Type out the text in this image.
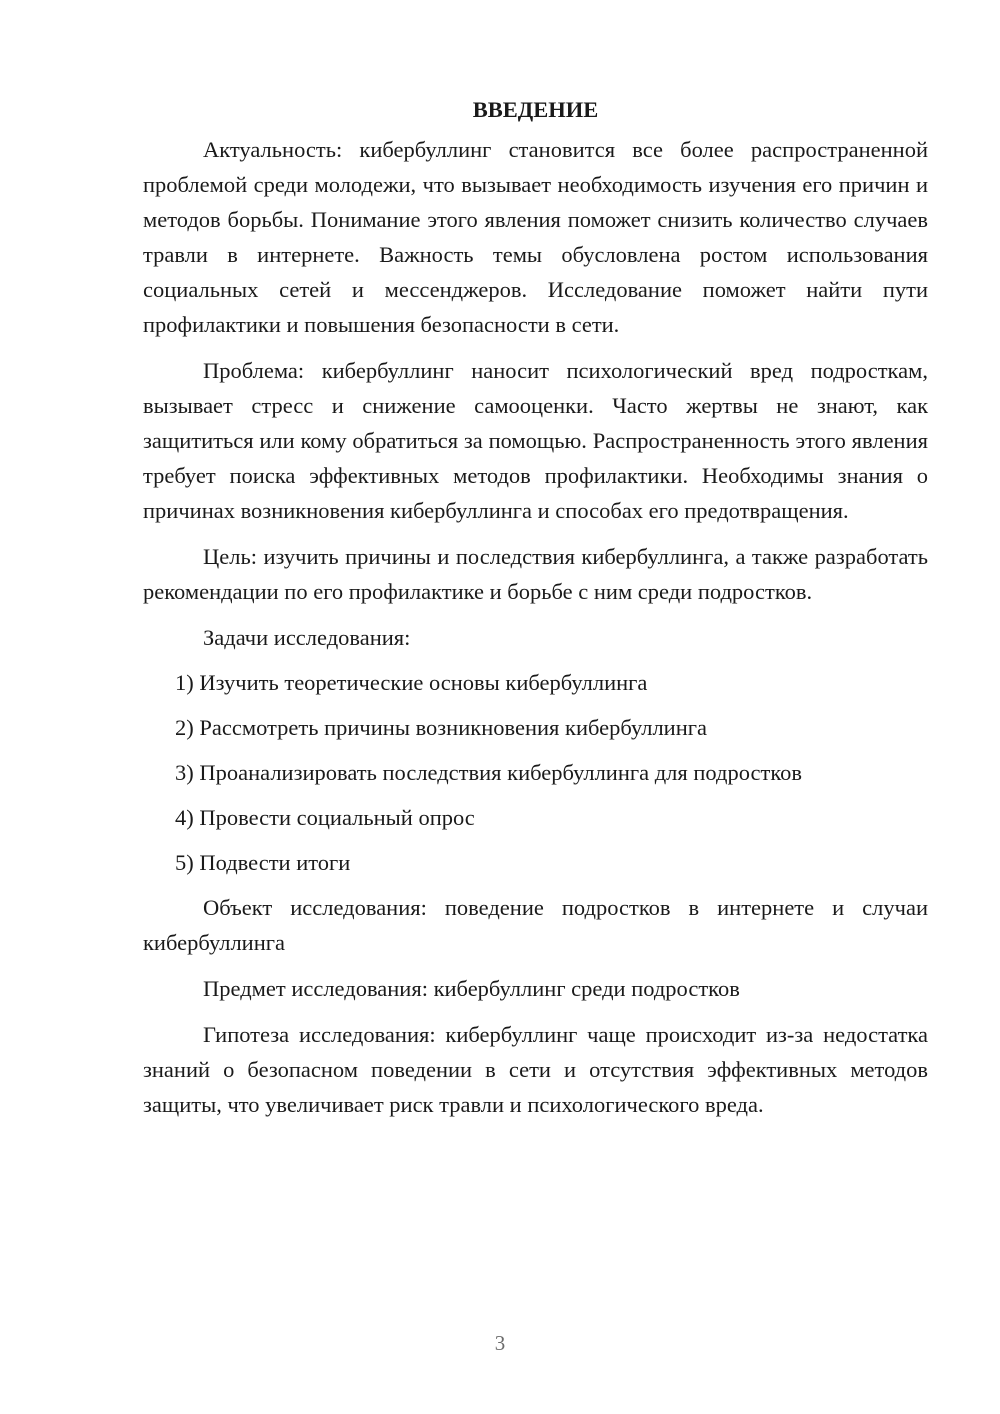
ВВЕДЕНИЕ

Актуальность: кибербуллинг становится все более распространенной проблемой среди молодежи, что вызывает необходимость изучения его причин и методов борьбы. Понимание этого явления поможет снизить количество случаев травли в интернете. Важность темы обусловлена ростом использования социальных сетей и мессенджеров. Исследование поможет найти пути профилактики и повышения безопасности в сети.

Проблема: кибербуллинг наносит психологический вред подросткам, вызывает стресс и снижение самооценки. Часто жертвы не знают, как защититься или кому обратиться за помощью. Распространенность этого явления требует поиска эффективных методов профилактики. Необходимы знания о причинах возникновения кибербуллинга и способах его предотвращения.

Цель: изучить причины и последствия кибербуллинга, а также разработать рекомендации по его профилактике и борьбе с ним среди подростков.

Задачи исследования:

1) Изучить теоретические основы кибербуллинга
2) Рассмотреть причины возникновения кибербуллинга
3) Проанализировать последствия кибербуллинга для подростков
4) Провести социальный опрос
5) Подвести итоги

Объект исследования: поведение подростков в интернете и случаи кибербуллинга

Предмет исследования: кибербуллинг среди подростков

Гипотеза исследования: кибербуллинг чаще происходит из-за недостатка знаний о безопасном поведении в сети и отсутствия эффективных методов защиты, что увеличивает риск травли и психологического вреда.

3
